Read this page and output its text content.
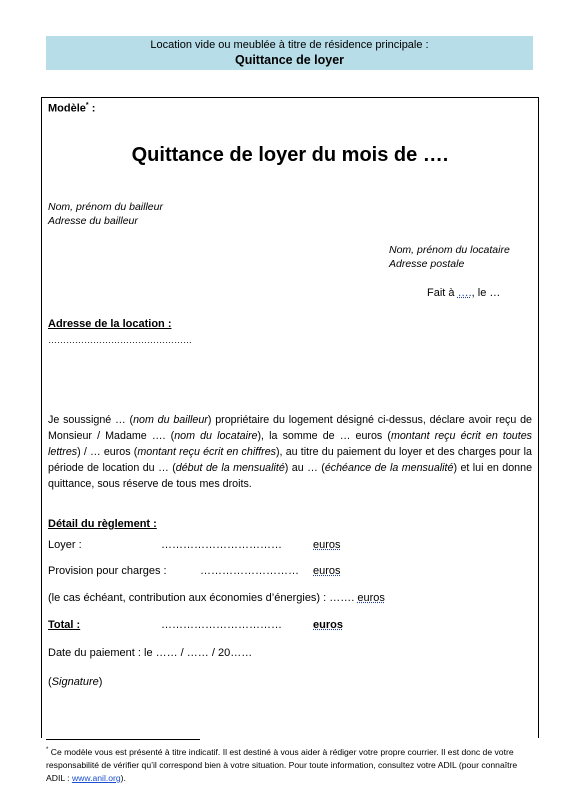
Location vide ou meublée à titre de résidence principale :
Quittance de loyer
Modèle* :
Quittance de loyer du mois de ….
Nom, prénom du bailleur
Adresse du bailleur
Nom, prénom du locataire
Adresse postale
Fait à …., le …
Adresse de la location :
…………………………………………
Je soussigné … (nom du bailleur) propriétaire du logement désigné ci-dessus, déclare avoir reçu de Monsieur / Madame …. (nom du locataire), la somme de … euros (montant reçu écrit en toutes lettres) / … euros (montant reçu écrit en chiffres), au titre du paiement du loyer et des charges pour la période de location du … (début de la mensualité) au … (échéance de la mensualité) et lui en donne quittance, sous réserve de tous mes droits.
Détail du règlement :
Loyer :	……………………………	euros
Provision pour charges :	……………………… euros
(le cas échéant, contribution aux économies d’énergies) : ……. euros
Total :	……………………………	euros
Date du paiement : le …… / …… / 20……
(Signature)
* Ce modèle vous est présenté à titre indicatif. Il est destiné à vous aider à rédiger votre propre courrier. Il est donc de votre responsabilité de vérifier qu’il correspond bien à votre situation. Pour toute information, consultez votre ADIL (pour connaître ADIL : www.anil.org).
